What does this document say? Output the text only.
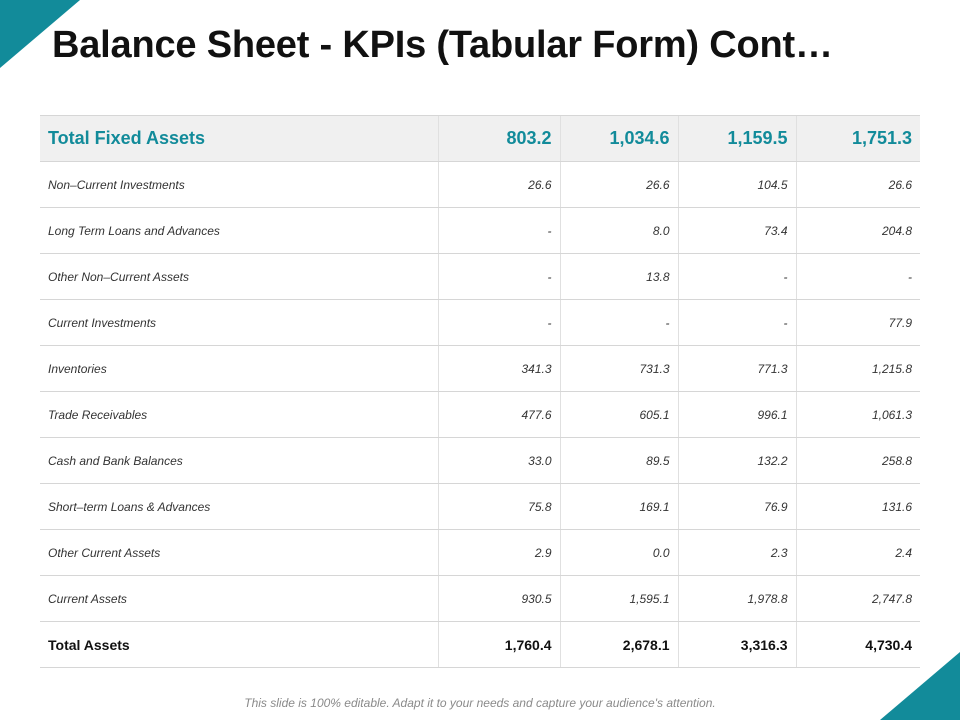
Balance Sheet - KPIs (Tabular Form) Cont…
Total Fixed Assets	803.2	1,034.6	1,159.5	1,751.3
Non–Current Investments	26.6	26.6	104.5	26.6
Long Term Loans and Advances	-	8.0	73.4	204.8
Other Non–Current Assets	-	13.8	-	-
Current Investments	-	-	-	77.9
Inventories	341.3	731.3	771.3	1,215.8
Trade Receivables	477.6	605.1	996.1	1,061.3
Cash and Bank Balances	33.0	89.5	132.2	258.8
Short–term Loans & Advances	75.8	169.1	76.9	131.6
Other Current Assets	2.9	0.0	2.3	2.4
Current Assets	930.5	1,595.1	1,978.8	2,747.8
Total Assets	1,760.4	2,678.1	3,316.3	4,730.4
This slide is 100% editable. Adapt it to your needs and capture your audience's attention.
